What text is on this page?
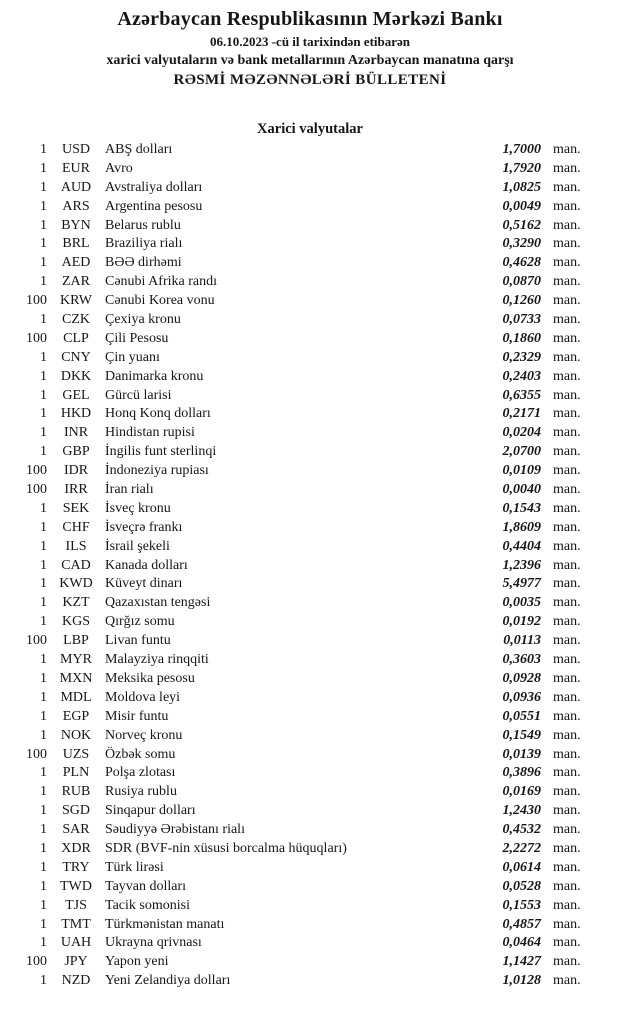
Azərbaycan Respublikasının Mərkəzi Bankı
06.10.2023 -cü il tarixindən etibarən
xarici valyutaların və bank metallarının Azərbaycan manatına qarşı
RƏSMİ MƏZƏNNƏLƏRİ BÜLLETENİ
Xarici valyutalar
1	USD	ABŞ dolları	1,7000 man.
1	EUR	Avro	1,7920 man.
1 AUD Avstraliya dolları	1,0825 man.
1	ARS	Argentina pesosu	0,0049 man.
1	BYN	Belarus rublu	0,5162 man.
1	BRL	Braziliya rialı	0,3290 man.
1	AED	BƏƏ dirhəmi	0,4628 man.
1	ZAR	Cənubi Afrika randı	0,0870 man.
100 KRW Cənubi Korea vonu	0,1260 man.
1	CZK	Çexiya kronu	0,0733 man.
100	CLP	Çili Pesosu	0,1860 man.
1	CNY	Çin yuanı	0,2329 man.
1 DKK Danimarka kronu	0,2403 man.
1	GEL	Gürcü larisi	0,6355 man.
1 HKD Honq Konq dolları	0,2171 man.
1	INR	Hindistan rupisi	0,0204 man.
1	GBP	İngilis funt sterlinqi	2,0700 man.
100	IDR	İndoneziya rupiası	0,0109 man.
100	IRR	İran rialı	0,0040 man.
1	SEK	İsveç kronu	0,1543 man.
1	CHF	İsveçrə frankı	1,8609 man.
1	ILS	İsrail şekeli	0,4404 man.
1	CAD	Kanada dolları	1,2396 man.
1 KWD Küveyt dinarı	5,4977 man.
1	KZT	Qazaxıstan tengəsi	0,0035 man.
1	KGS	Qırğız somu	0,0192 man.
100	LBP	Livan funtu	0,0113 man.
1 MYR Malayziya rinqqiti	0,3603 man.
1 MXN Meksika pesosu	0,0928 man.
1 MDL Moldova leyi	0,0936 man.
1	EGP	Misir funtu	0,0551 man.
1 NOK Norveç kronu	0,1549 man.
100	UZS	Özbək somu	0,0139 man.
1	PLN	Polşa zlotası	0,3896 man.
1	RUB	Rusiya rublu	0,0169 man.
1	SGD	Sinqapur dolları	1,2430 man.
1	SAR	Səudiyyə Ərəbistanı rialı	0,4532 man.
1	XDR	SDR (BVF-nin xüsusi borcalma hüquqları)	2,2272 man.
1	TRY	Türk lirəsi	0,0614 man.
1 TWD Tayvan dolları	0,0528 man.
1	TJS	Tacik somonisi	0,1553 man.
1	TMT	Türkmənistan manatı	0,4857 man.
1 UAH Ukrayna qrivnası	0,0464 man.
100	JPY	Yapon yeni	1,1427 man.
1	NZD	Yeni Zelandiya dolları	1,0128 man.
